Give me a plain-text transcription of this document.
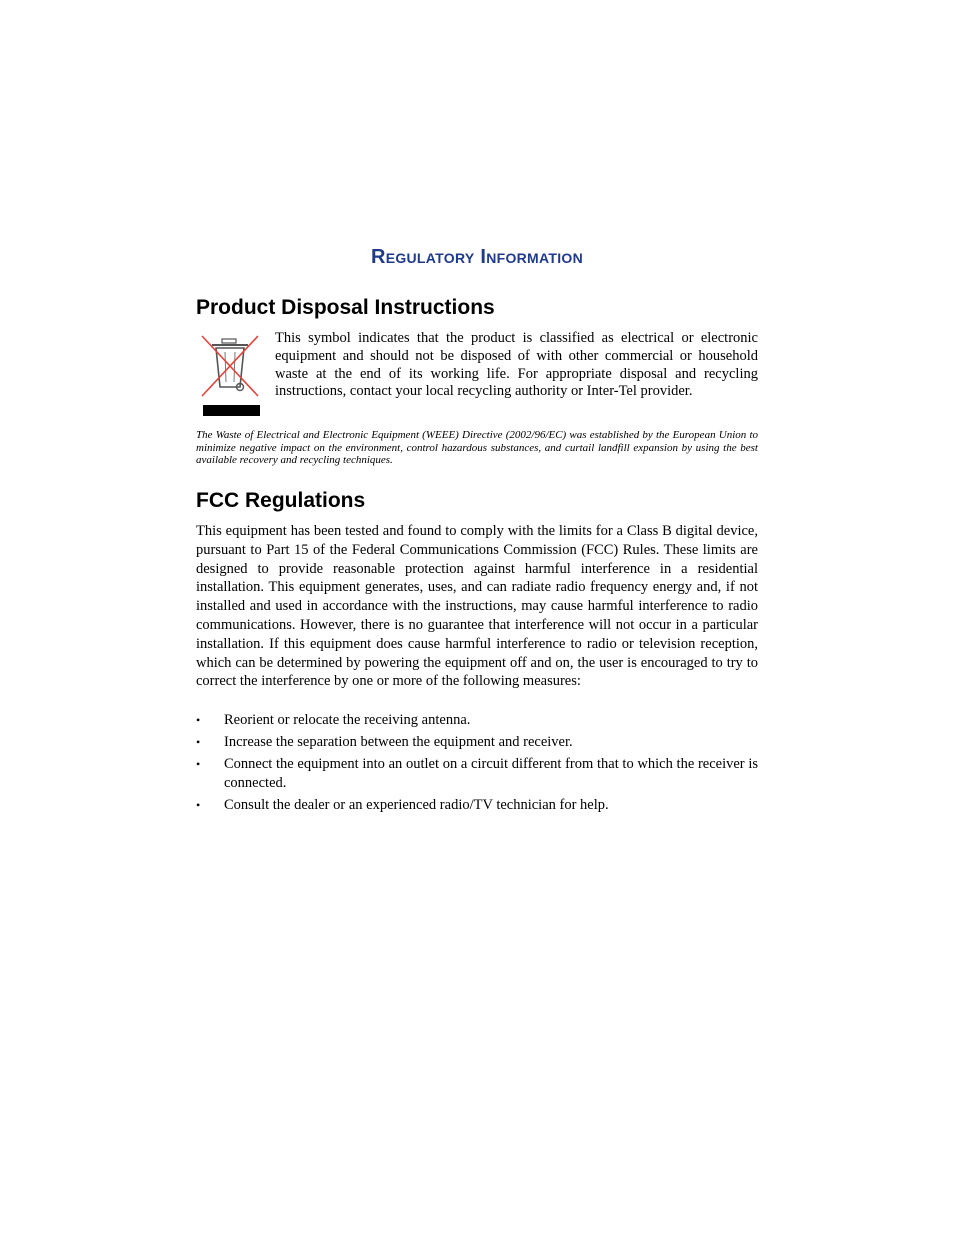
Regulatory Information
Product Disposal Instructions

This symbol indicates that the product is classified as electrical or electronic equipment and should not be disposed of with other commercial or household waste at the end of its working life. For appropriate disposal and recycling instructions, contact your local recycling authority or Inter-Tel provider.

The Waste of Electrical and Electronic Equipment (WEEE) Directive (2002/96/EC) was established by the European Union to minimize negative impact on the environment, control hazardous substances, and curtail landfill expansion by using the best available recovery and recycling techniques.

FCC Regulations

This equipment has been tested and found to comply with the limits for a Class B digital device, pursuant to Part 15 of the Federal Communications Commission (FCC) Rules. These limits are designed to provide reasonable protection against harmful interference in a residential installation. This equipment generates, uses, and can radiate radio frequency energy and, if not installed and used in accordance with the instructions, may cause harmful interference to radio communications. However, there is no guarantee that interference will not occur in a particular installation. If this equipment does cause harmful interference to radio or television reception, which can be determined by powering the equipment off and on, the user is encouraged to try to correct the interference by one or more of the following measures:

•	Reorient or relocate the receiving antenna.
•	Increase the separation between the equipment and receiver.
•	Connect the equipment into an outlet on a circuit different from that to which the receiver is connected.
•	Consult the dealer or an experienced radio/TV technician for help.
